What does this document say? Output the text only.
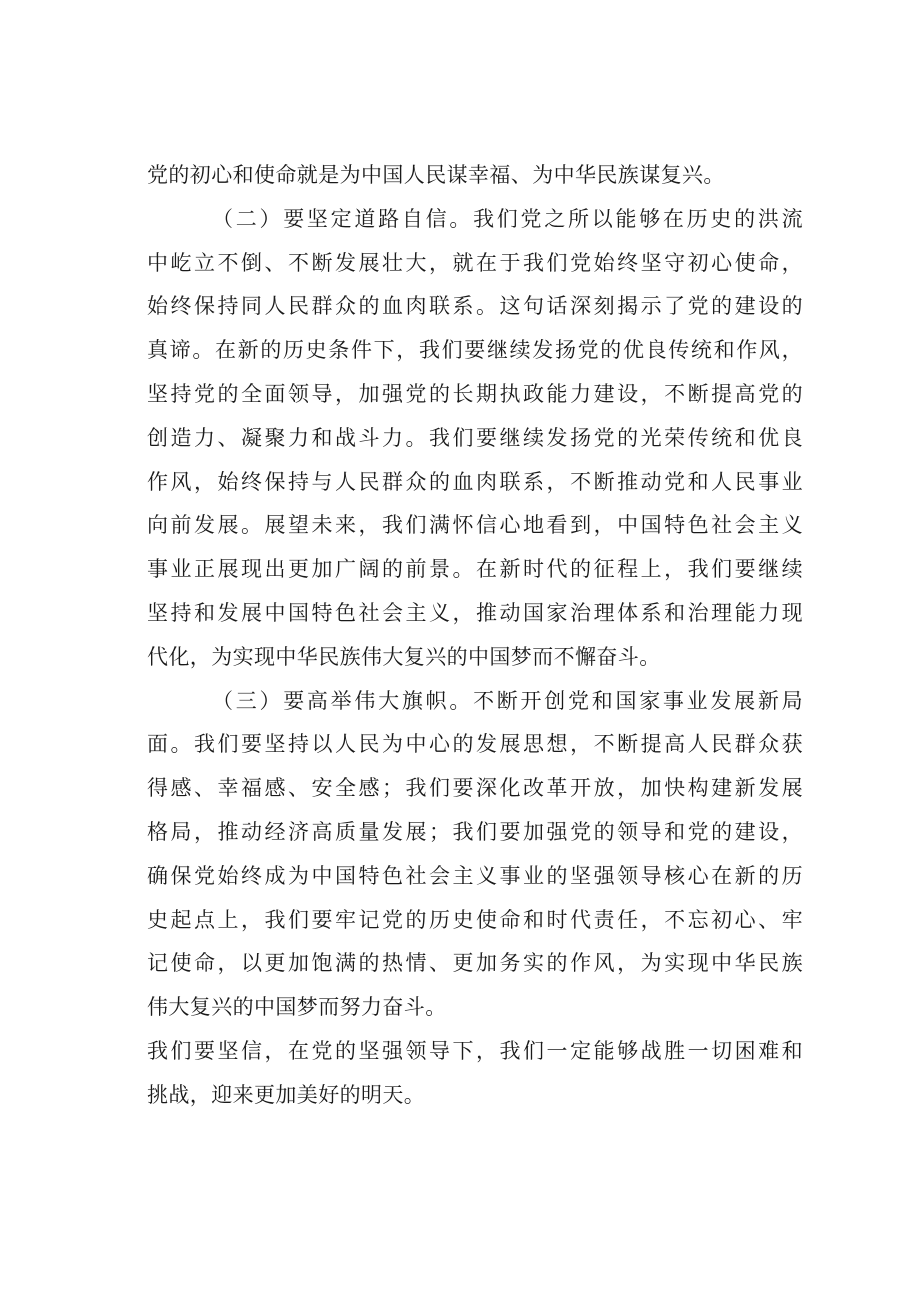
党的初心和使命就是为中国人民谋幸福、为中华民族谋复兴。
（二）要坚定道路自信。我们党之所以能够在历史的洪流
中屹立不倒、不断发展壮大，就在于我们党始终坚守初心使命，
始终保持同人民群众的血肉联系。这句话深刻揭示了党的建设的
真谛。在新的历史条件下，我们要继续发扬党的优良传统和作风，
坚持党的全面领导，加强党的长期执政能力建设，不断提高党的
创造力、凝聚力和战斗力。我们要继续发扬党的光荣传统和优良
作风，始终保持与人民群众的血肉联系，不断推动党和人民事业
向前发展。展望未来，我们满怀信心地看到，中国特色社会主义
事业正展现出更加广阔的前景。在新时代的征程上，我们要继续
坚持和发展中国特色社会主义，推动国家治理体系和治理能力现
代化，为实现中华民族伟大复兴的中国梦而不懈奋斗。
（三）要高举伟大旗帜。不断开创党和国家事业发展新局
面。我们要坚持以人民为中心的发展思想，不断提高人民群众获
得感、幸福感、安全感；我们要深化改革开放，加快构建新发展
格局，推动经济高质量发展；我们要加强党的领导和党的建设，
确保党始终成为中国特色社会主义事业的坚强领导核心在新的历
史起点上，我们要牢记党的历史使命和时代责任，不忘初心、牢
记使命，以更加饱满的热情、更加务实的作风，为实现中华民族
伟大复兴的中国梦而努力奋斗。
我们要坚信，在党的坚强领导下，我们一定能够战胜一切困难和
挑战，迎来更加美好的明天。
